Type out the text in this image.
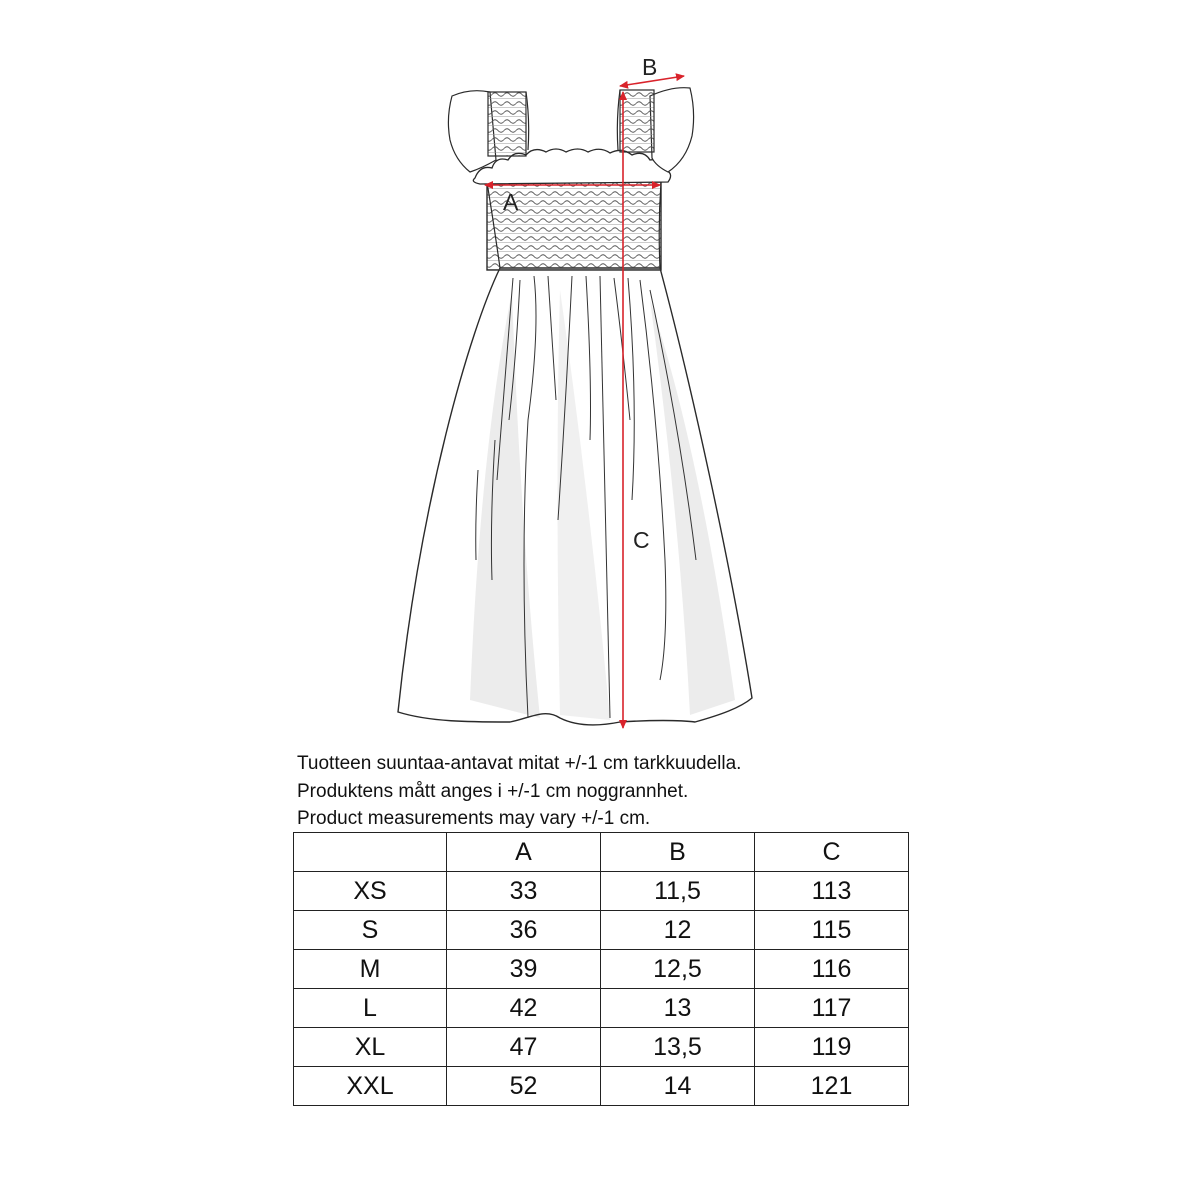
A
B
C
Tuotteen suuntaa-antavat mitat +/-1 cm tarkkuudella.
Produktens mått anges i +/-1 cm noggrannhet.
Product measurements may vary +/-1 cm.
	A	B	C
XS	33	11,5	113
S	36	12	115
M	39	12,5	116
L	42	13	117
XL	47	13,5	119
XXL	52	14	121
